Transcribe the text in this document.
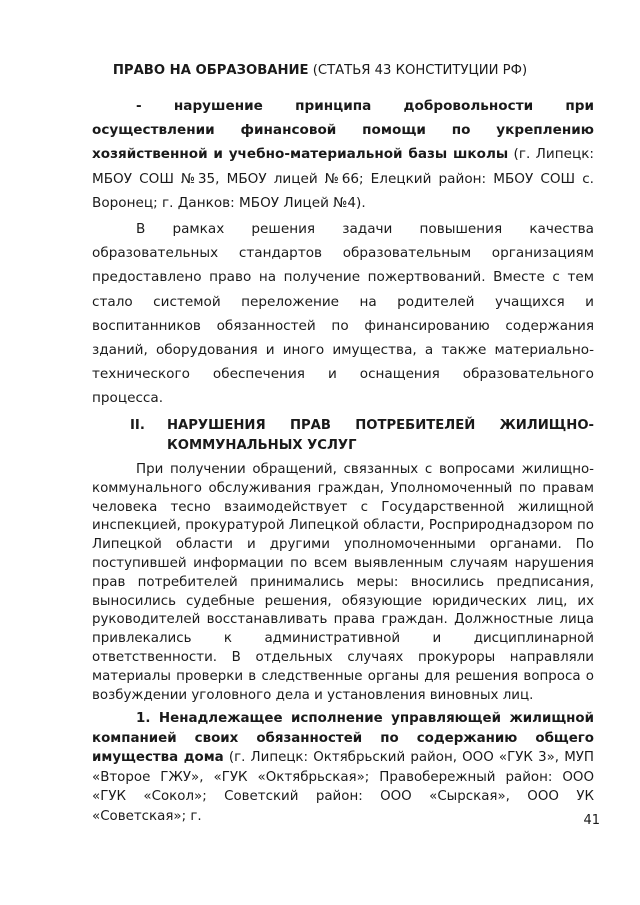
ПРАВО НА ОБРАЗОВАНИЕ (СТАТЬЯ 43 КОНСТИТУЦИИ РФ)
- нарушение принципа добровольности при осуществлении финансовой помощи по укреплению хозяйственной и учебно-материальной базы школы (г. Липецк: МБОУ СОШ №35, МБОУ лицей №66; Елецкий район: МБОУ СОШ с. Воронец; г. Данков: МБОУ Лицей №4).
В рамках решения задачи повышения качества образовательных стандартов образовательным организациям предоставлено право на получение пожертвований. Вместе с тем стало системой переложение на родителей учащихся и воспитанников обязанностей по финансированию содержания зданий, оборудования и иного имущества, а также материально-технического обеспечения и оснащения образовательного процесса.
II. НАРУШЕНИЯ ПРАВ ПОТРЕБИТЕЛЕЙ ЖИЛИЩНО-
КОММУНАЛЬНЫХ УСЛУГ
При получении обращений, связанных с вопросами жилищно-коммунального обслуживания граждан, Уполномоченный по правам человека тесно взаимодействует с Государственной жилищной инспекцией, прокуратурой Липецкой области, Росприроднадзором по Липецкой области и другими уполномоченными органами. По поступившей информации по всем выявленным случаям нарушения прав потребителей принимались меры: вносились предписания, выносились судебные решения, обязующие юридических лиц, их руководителей восстанавливать права граждан. Должностные лица привлекались к административной и дисциплинарной ответственности. В отдельных случаях прокуроры направляли материалы проверки в следственные органы для решения вопроса о возбуждении уголовного дела и установления виновных лиц.
1. Ненадлежащее исполнение управляющей жилищной компанией своих обязанностей по содержанию общего имущества дома (г. Липецк: Октябрьский район, ООО «ГУК 3», МУП «Второе ГЖУ», «ГУК «Октябрьская»; Правобережный район: ООО «ГУК «Сокол»; Советский район: ООО «Сырская», ООО УК «Советская»; г.	41
